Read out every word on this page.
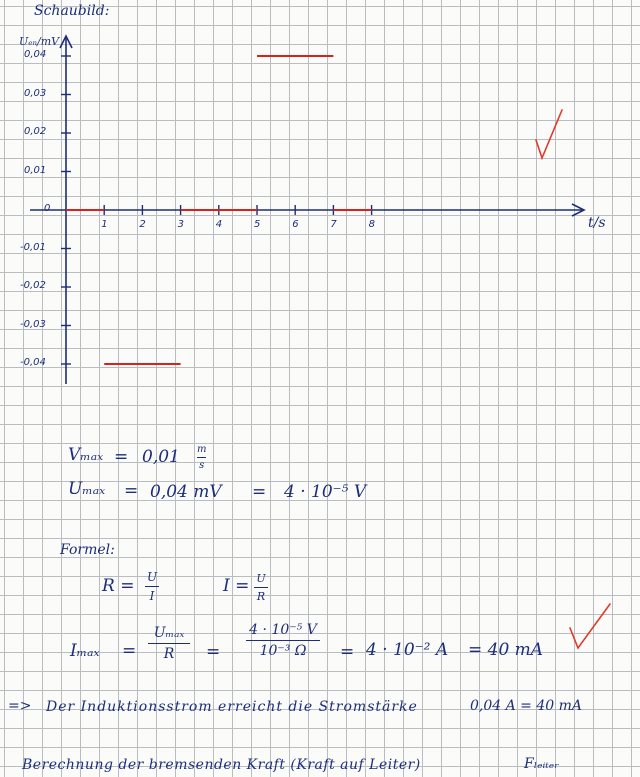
Schaubild:
Uₑₙ/mV
t/s
0,04
0,03
0,02
0,01
0
-0,01
-0,02
-0,03
-0,04
1	2	3	4	5	6	7	8
Vₘₐₓ = 0,01 m
s
Uₘₐₓ = 0,04 mV = 4 · 10⁻⁵ V
Formel:
R = U
I	I = U
R
Iₘₐₓ =
Uₘₐₓ
R =
4 · 10⁻⁵ V
10⁻³ Ω = 4 · 10⁻² A = 40 mA
=> Der Induktionsstrom erreicht die Stromstärke	0,04 A = 40 mA
Berechnung der bremsenden Kraft (Kraft auf Leiter)	Fₗₑᵢₜₑᵣ
